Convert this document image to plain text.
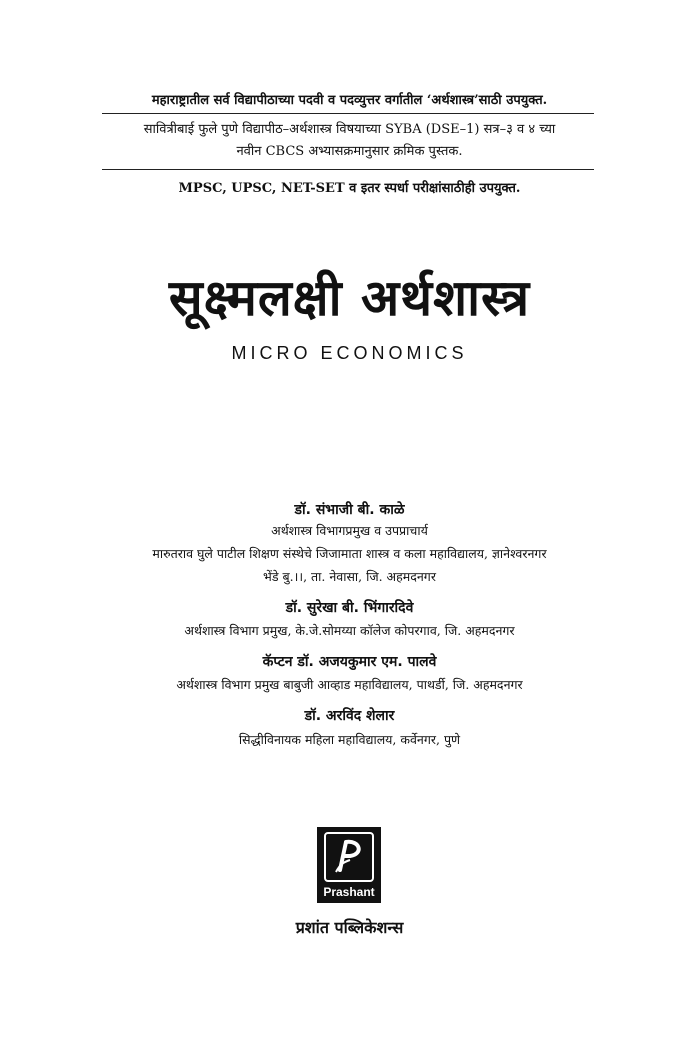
महाराष्ट्रातील सर्व विद्यापीठाच्या पदवी व पदव्युत्तर वर्गातील ‘अर्थशास्त्र’साठी उपयुक्त.
सावित्रीबाई फुले पुणे विद्यापीठ–अर्थशास्त्र विषयाच्या SYBA (DSE–1) सत्र–३ व ४ च्या
नवीन CBCS अभ्यासक्रमानुसार क्रमिक पुस्तक.
MPSC, UPSC, NET-SET व इतर स्पर्धा परीक्षांसाठीही उपयुक्त.
सूक्ष्मलक्षी अर्थशास्त्र
MICRO ECONOMICS
डॉ. संभाजी बी. काळे
अर्थशास्त्र विभागप्रमुख व उपप्राचार्य
मारुतराव घुले पाटील शिक्षण संस्थेचे जिजामाता शास्त्र व कला महाविद्यालय, ज्ञानेश्वरनगर
भेंडे बु.।।, ता. नेवासा, जि. अहमदनगर
डॉ. सुरेखा बी. भिंगारदिवे
अर्थशास्त्र विभाग प्रमुख, के.जे.सोमय्या कॉलेज कोपरगाव, जि. अहमदनगर
कॅप्टन डॉ. अजयकुमार एम. पालवे
अर्थशास्त्र विभाग प्रमुख बाबुजी आव्हाड महाविद्यालय, पाथर्डी, जि. अहमदनगर
डॉ. अरविंद शेलार
सिद्धीविनायक महिला महाविद्यालय, कर्वेनगर, पुणे
Prashant
प्रशांत पब्लिकेशन्स
